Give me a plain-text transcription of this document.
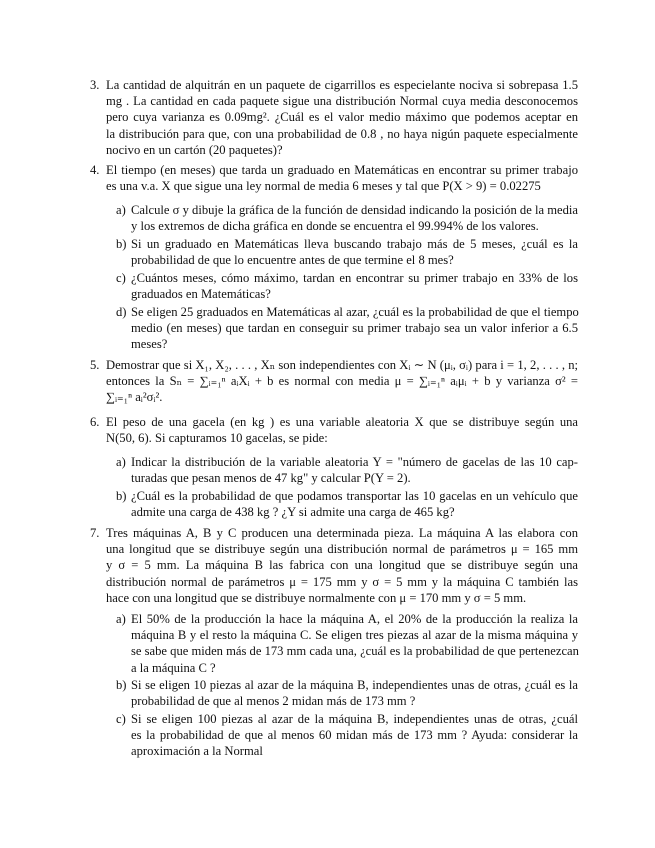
3. La cantidad de alquitrán en un paquete de cigarrillos es especielante nociva si sobrepasa 1.5
mg . La cantidad en cada paquete sigue una distribución Normal cuya media desconocemos
pero cuya varianza es 0.09mg². ¿Cuál es el valor medio máximo que podemos aceptar en
la distribución para que, con una probabilidad de 0.8 , no haya nigún paquete especialmente
nocivo en un cartón (20 paquetes)?
4. El tiempo (en meses) que tarda un graduado en Matemáticas en encontrar su primer trabajo
es una v.a. X que sigue una ley normal de media 6 meses y tal que P(X > 9) = 0.02275
a) Calcule σ y dibuje la gráfica de la función de densidad indicando la posición de la media
y los extremos de dicha gráfica en donde se encuentra el 99.994% de los valores.
b) Si un graduado en Matemáticas lleva buscando trabajo más de 5 meses, ¿cuál es la
probabilidad de que lo encuentre antes de que termine el 8 mes?
c) ¿Cuántos meses, cómo máximo, tardan en encontrar su primer trabajo en 33% de los
graduados en Matemáticas?
d) Se eligen 25 graduados en Matemáticas al azar, ¿cuál es la probabilidad de que el tiempo
medio (en meses) que tardan en conseguir su primer trabajo sea un valor inferior a 6.5
meses?
5. Demostrar que si X₁, X₂, . . . , Xₙ son independientes con Xᵢ ∼ N (μᵢ, σᵢ) para i = 1, 2, . . . , n;
entonces la Sₙ = ∑ᵢ₌₁ⁿ aᵢXᵢ + b es normal con media μ = ∑ᵢ₌₁ⁿ aᵢμᵢ + b y varianza σ² =
∑ᵢ₌₁ⁿ aᵢ²σᵢ².
6. El peso de una gacela (en kg ) es una variable aleatoria X que se distribuye según una
N(50, 6). Si capturamos 10 gacelas, se pide:
a) Indicar la distribución de la variable aleatoria Y = "número de gacelas de las 10 cap-
turadas que pesan menos de 47 kg" y calcular P(Y = 2).
b) ¿Cuál es la probabilidad de que podamos transportar las 10 gacelas en un vehículo que
admite una carga de 438 kg ? ¿Y si admite una carga de 465 kg?
7. Tres máquinas A, B y C producen una determinada pieza. La máquina A las elabora con
una longitud que se distribuye según una distribución normal de parámetros μ = 165 mm
y σ = 5 mm. La máquina B las fabrica con una longitud que se distribuye según una
distribución normal de parámetros μ = 175 mm y σ = 5 mm y la máquina C también las
hace con una longitud que se distribuye normalmente con μ = 170 mm y σ = 5 mm.
a) El 50% de la producción la hace la máquina A, el 20% de la producción la realiza la
máquina B y el resto la máquina C. Se eligen tres piezas al azar de la misma máquina y
se sabe que miden más de 173 mm cada una, ¿cuál es la probabilidad de que pertenezcan
a la máquina C ?
b) Si se eligen 10 piezas al azar de la máquina B, independientes unas de otras, ¿cuál es la
probabilidad de que al menos 2 midan más de 173 mm ?
c) Si se eligen 100 piezas al azar de la máquina B, independientes unas de otras, ¿cuál
es la probabilidad de que al menos 60 midan más de 173 mm ? Ayuda: considerar la
aproximación a la Normal
